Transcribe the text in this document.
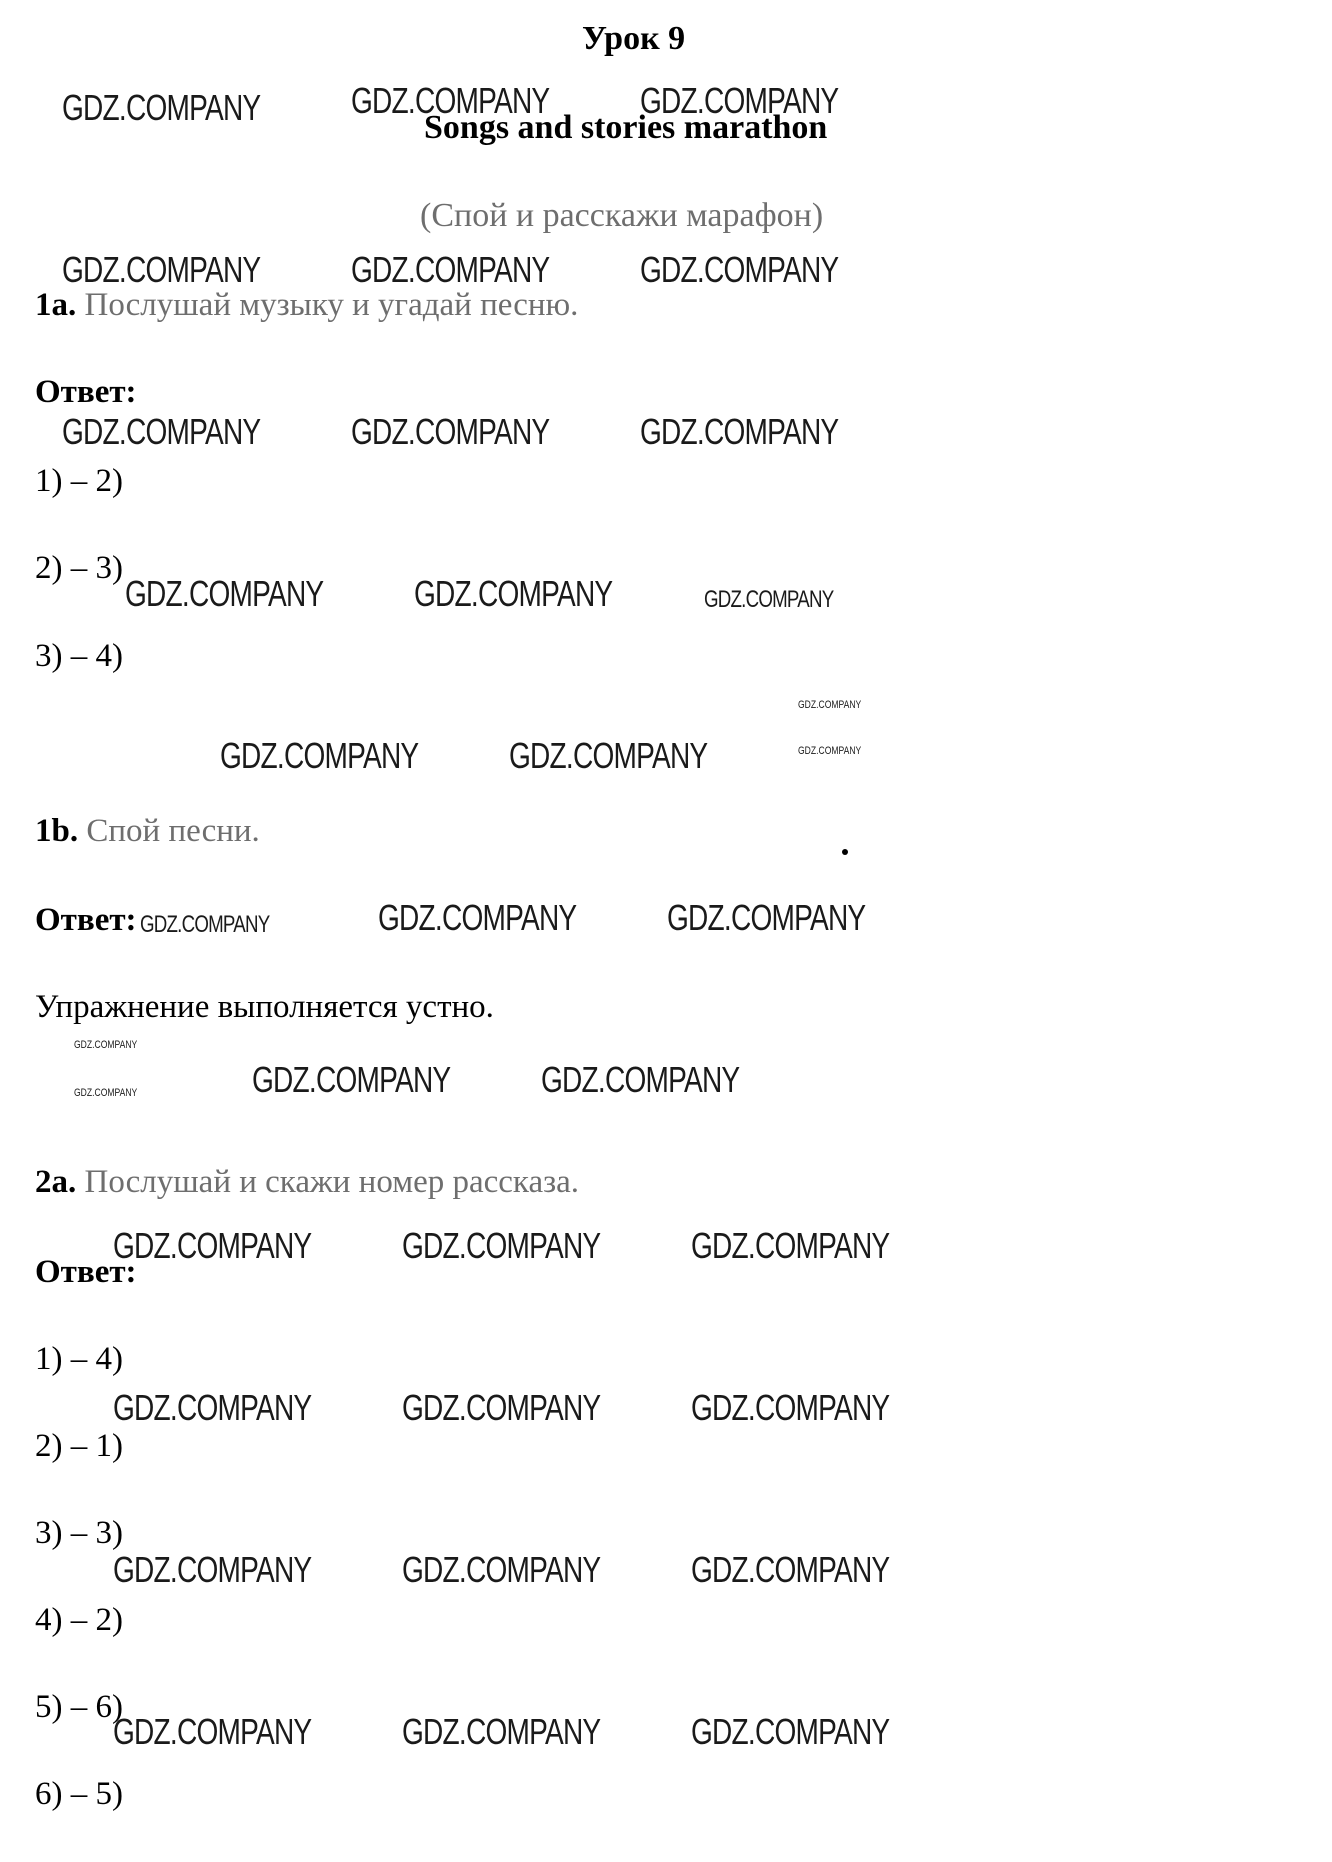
Урок 9
Songs and stories marathon
(Спой и расскажи марафон)
1a. Послушай музыку и угадай песню.
Ответ:
1) – 2)
2) – 3)
3) – 4)
1b. Спой песни.
Ответ:
Упражнение выполняется устно.
2a. Послушай и скажи номер рассказа.
Ответ:
1) – 4)
2) – 1)
3) – 3)
4) – 2)
5) – 6)
6) – 5)
GDZ.COMPANY	GDZ.COMPANY	GDZ.COMPANY
GDZ.COMPANY	GDZ.COMPANY	GDZ.COMPANY
GDZ.COMPANY	GDZ.COMPANY	GDZ.COMPANY
GDZ.COMPANY	GDZ.COMPANY	GDZ.COMPANY
GDZ.COMPANY
GDZ.COMPANY
GDZ.COMPANY	GDZ.COMPANY
GDZ.COMPANY	GDZ.COMPANY	GDZ.COMPANY
GDZ.COMPANY
GDZ.COMPANY	GDZ.COMPANY	GDZ.COMPANY
GDZ.COMPANY	GDZ.COMPANY	GDZ.COMPANY
GDZ.COMPANY	GDZ.COMPANY	GDZ.COMPANY
GDZ.COMPANY	GDZ.COMPANY	GDZ.COMPANY
GDZ.COMPANY	GDZ.COMPANY	GDZ.COMPANY
